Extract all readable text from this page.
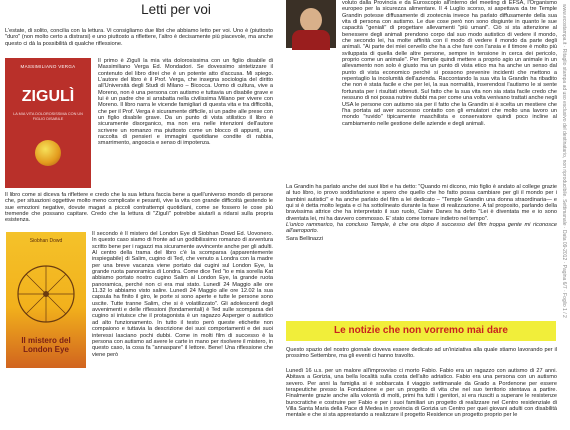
Letti per voi

L'estate, di solito, concilia con la lettura. Vi consigliamo due libri che abbiamo letto per voi. Uno è (piuttosto "duro" (non molto certo a distrarsi) e uno piuttosto a riflettere, l'altro è decisamente più piacevole, ma anche questo ci dà la possibilità di qualche riflessione.

MASSIMILIANO VERGA
ZIGULÌ
LA MIA VITA DOLOROSISSIMA CON UN FIGLIO DISABILE

Il primo è Zigulì la mia vita dolorosissima con un figlio disabile di Massimiliano Verga Ed. Mondadori. Se dovessimo sintetizzare il contenuto del libro direi che è un potente atto d'accusa. Mi spiego. L'autore del libro è il Prof. Verga, che insegna sociologia del diritto all'Università degli Studi di Milano – Bicocca. Uomo di cultura, vive a Moreno, non è una persona con autismo e tuttavia un disabile grave e lui è un padre che si arrabatta nella civilissima Milano per vivere con Moreno. Il libro narra le vicende famigliari di questa vita e tra difficoltà, che per il Prof. Verga è sicuramente difficile, si un padre alle prese con un figlio disabile grave. Da un punto di vista stilistico il libro è sicuramente disorganico, ma non era nelle intenzioni dell'autore scrivere un romanzo ma piuttosto come un blocco di appunti, una raccolta di pensieri e immagini quotidiane condite di rabbia, smarrimento, angoscia e senso di impotenza.

Il libro come si diceva fa riflettere e credo che la sua lettura faccia bene a quell'universo mondo di persone che, per situazioni oggettive molto meno complicate e pesanti, vive la vita con grande difficoltà gestendo le sue emozioni negative, dovute magari a piccoli contrattempi quotidiani, come se fossero le cose più tremende che possano capitare. Credo che la lettura di "Zigulì" potrebbe aiutarli a ridarsi sulla propria esistenza.

Il mistero del London Eye
Siobhan Dowd

Il secondo è Il mistero del London Eye di Siobhan Dowd Ed. Uovonero. In questo caso siamo di fronte ad un godibilissimo romanzo di avventura scritto bene per i ragazzi ma sicuramente avvincente anche per gli adulti. Al centro della trama del libro c'è la scomparsa (apparentemente inspiegabile) di Salim, cugino di Ted, che venuto a Londra con la madre per una breve vacanza viene portato dai cugini sul London Eye, la grande ruota panoramica di Londra. Come dice Ted "io e mia sorella Kat abbiamo portato nostro cugino Salim al London Eye, la grande ruota panoramica, perché non ci era mai stato. Lunedì 24 Maggio alle ore 11.32 lo abbiamo visto salire. Lunedì 24 Maggio alle ore 12.02 la sua capsula ha finito il giro, le porte si sono aperte e tutte le persone sono uscite. Tutte tranne Salim, che si è volatilizzato". Gli adolescenti degli avvenimenti e delle riflessioni (fondamentali) è Ted sulle scomparsa del cugino si intuisce che il protagonista è un ragazzo Asperger o autistico ad alto funzionamento. In tutto il testo però queste etichette non compaiono e tuttavia la descrizione dei suoi comportamenti e dei suoi interessi lasciano pochi dubbi. Come in molti film di successo è la persona con autismo ad avere le carte in mano per risolvere il mistero, in questo caso, la cosa fa "annaspare" il lettore. Bene! Una riflessione che viene però

voluto dalla Provincia e da Euroscopio all'interno del meeting di EFSA, l'Organismo europeo per la sicurezza alimentare. Il 4 Luglio scorso, si aspettava da tre Temple Grandin potesse diffusamente di zootecnia invece ha parlato diffusamente della sua vita di persona con autismo. Le due cose però non sono disgiunte in quanto le sue capacità "geniali" di progettare allevamenti "più umani". Ciò si sta attenzione al benessere degli animali prendono corpo dal suo modo autistico di vedere il mondo, che secondo lei, ha molte affinità con il modo di vedere il mondo da parte degli animali. "Ai parte dei miei cervello che ha a che fare con l'ansia e il timore è molto più sviluppata di quella delle altre persone, sempre in tensione in cerca dei pericolo, proprio come un animale". Per Temple quindi mettere a proprio agio un animale in un allevamento non solo è giusto ma un punto di vista etico ma ha anche un senso dal punto di vista economico perché si possono prevenire incidenti che mettono a repentaglio la incolumità dell'azienda. Raccontando la sua vita la Grandin ha ribadito che non è stata facile e che per lei, la sua normalità, inserendosi l'autismo le si sente fortunata per i risultati ottenuti. Sul fatto che la sua vita non sia stata facile credo che nessuno di noi possa nutrire dubbi ma per come una volta venivano trattati anche negli USA le persone con autismo sia per il fatto che la Grandin si è scelta un mestiere che l'ha portata ad aver successo contatto con gli emulatori che molto una lavoro un mondo "ruvido" tipicamente maschilista e conservatore quindi poco incline al cambiamento nelle gestione delle aziende e degli animali.

La Grandin ha parlato anche dei suoi libri e ha detto: "Quando mi dicono, mio figlio è andato al college grazie al tuo libro, io provo soddisfazione e spero che quello che ho fatto possa cambiare per gli il mondo per i bambini autistici" e ha anche parlato del film a lei dedicato – "Temple Grandin una donna straordinaria— e qui si è detta molto legata e ci ha sottolineato durante la fase di realizzazione. A tal proposito, parlando della bravissima attrice che ha interpretato il suo ruolo, Claire Danes ha detto "Lei è diventata me e io sono diventata lei, mi ha davvero commosso. E' stato come tornare indietro nel tempo".

L'unico rammarico, ha concluso Temple, è che ora dopo il successo del film troppa gente mi riconosce all'aeroporto.

Sara Bellinazzi

Le notizie che non vorremo mai dare

Questo spazio del nostro giornale doveva essere dedicato ad un'iniziativa alla quale stiamo lavorando per il prossimo Settembre, ma gli eventi ci hanno travolto.

Lunedì 16 u.s. per un malore all'improvviso ci morto Fabio. Fabio era un ragazzo con autismo di 27 anni. Abitava a Gorizia, una bella località sulla costa dell'alto adriatico. Fabio era una persona con un autismo severo. Per anni la famiglia si è sobbarcata il viaggio settimanale da Grado a Pordenone per essere terapeutiche presso la Fondazione e per un progetto di vita che nel suo territorio stentava a partire. Finalmente grazie anche alla volontà di molti, primi fra tutti i genitori, si era riusciti a superare le resistenze burocratiche e costruire per Fabio e per i suoi familiari un progetto di realizzare nel Centro residenziale di Villa Santa Maria della Pace di Medea in provincia di Gorizia un Centro per quei giovani adulti con disabilità mentale e che si sta apprestando a realizzare il progetto Residence un progetto proprio per le

www.ecostampa.it · Ritaglio stampa ad uso esclusivo del destinatario, non riproducibile. Settimanale · Data 09-2012 · Pagina 6/7 · Foglio 1 / 2
